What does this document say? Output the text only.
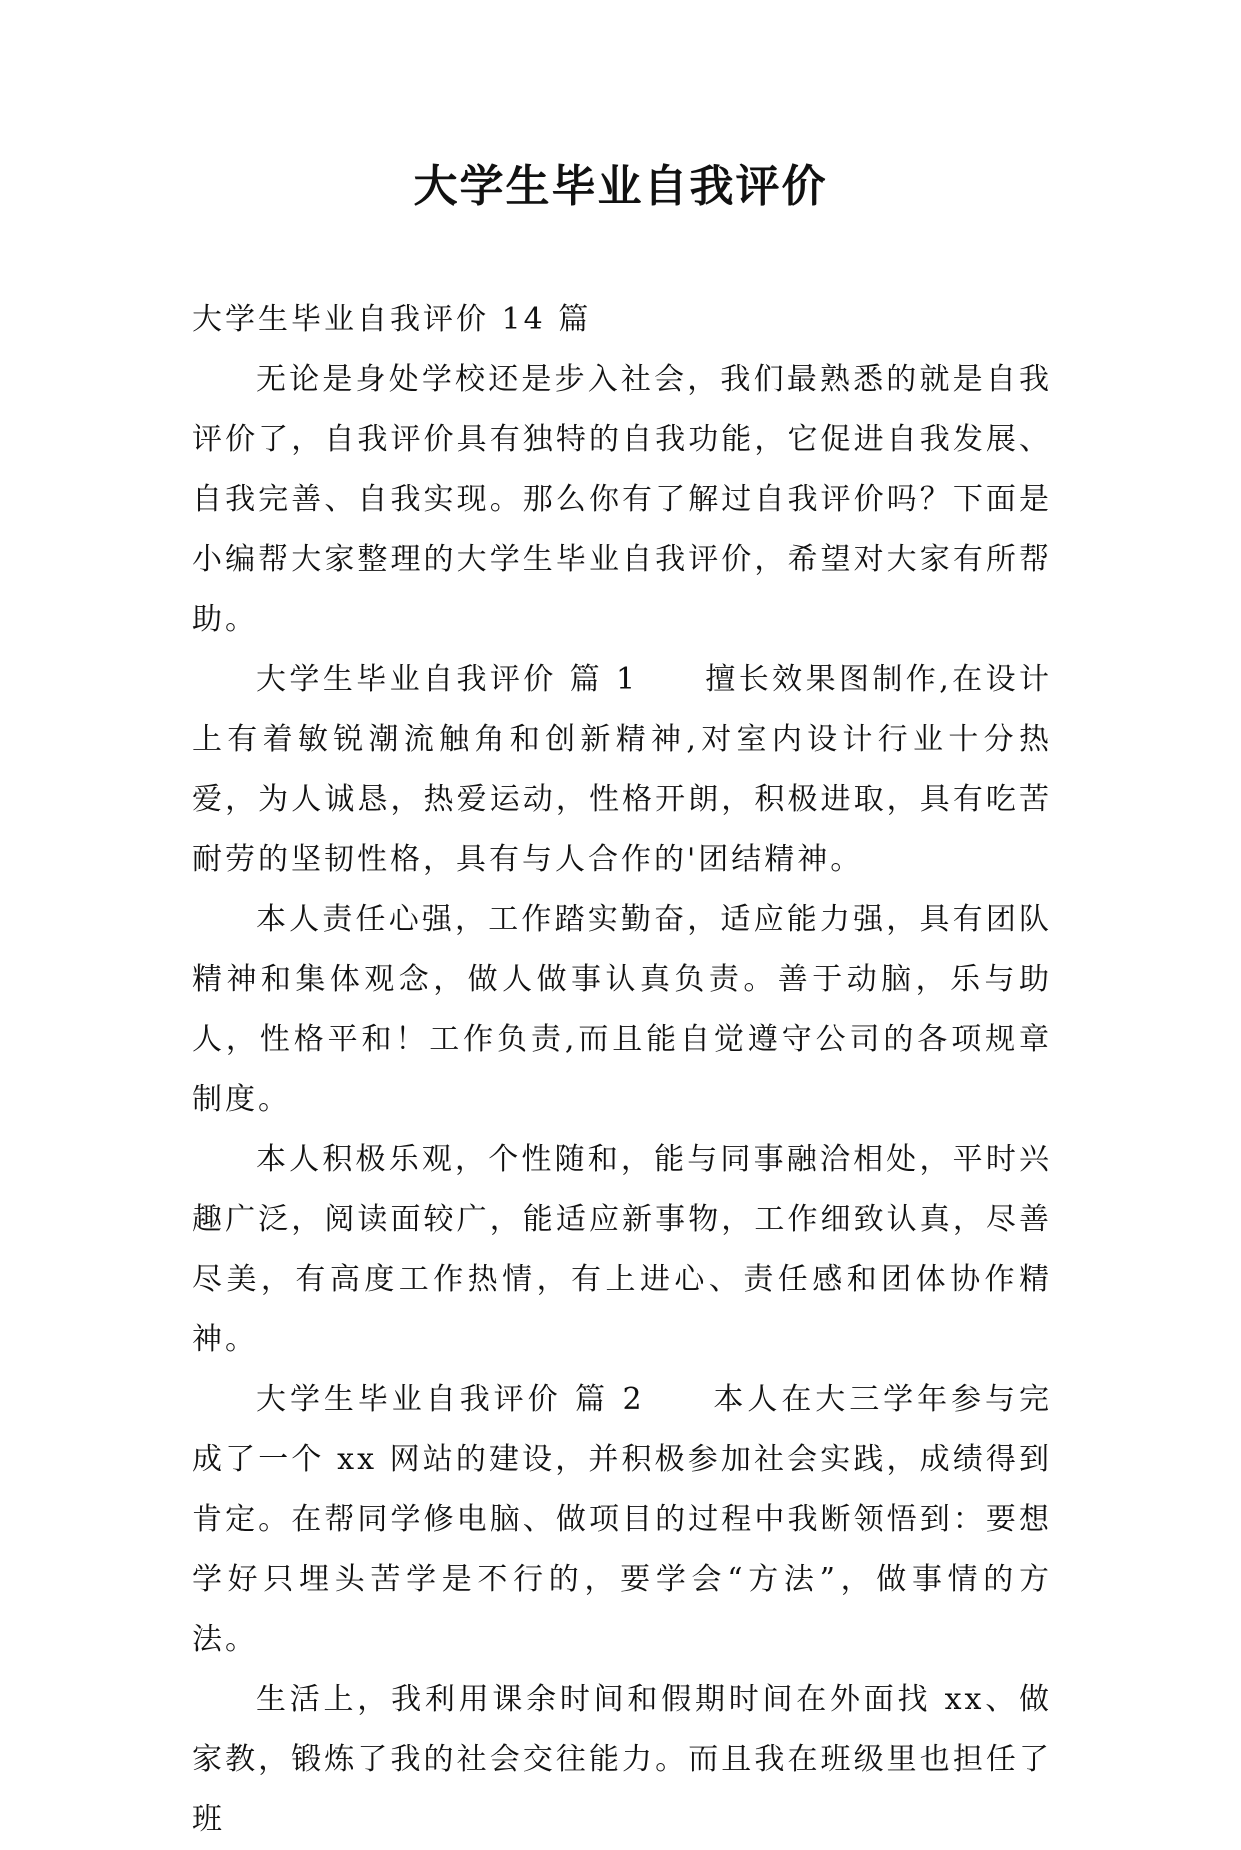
大学生毕业自我评价

大学生毕业自我评价 14 篇

无论是身处学校还是步入社会，我们最熟悉的就是自我评价了，自我评价具有独特的自我功能，它促进自我发展、自我完善、自我实现。那么你有了解过自我评价吗？下面是小编帮大家整理的大学生毕业自我评价，希望对大家有所帮助。

大学生毕业自我评价 篇 1　　擅长效果图制作,在设计上有着敏锐潮流触角和创新精神,对室内设计行业十分热爱，为人诚恳，热爱运动，性格开朗，积极进取，具有吃苦耐劳的坚韧性格，具有与人合作的'团结精神。

本人责任心强，工作踏实勤奋，适应能力强，具有团队精神和集体观念，做人做事认真负责。善于动脑，乐与助人，性格平和！工作负责,而且能自觉遵守公司的各项规章制度。

本人积极乐观，个性随和，能与同事融洽相处，平时兴趣广泛，阅读面较广，能适应新事物，工作细致认真，尽善尽美，有高度工作热情，有上进心、责任感和团体协作精神。

大学生毕业自我评价 篇 2　　本人在大三学年参与完成了一个 xx 网站的建设，并积极参加社会实践，成绩得到肯定。在帮同学修电脑、做项目的过程中我断领悟到：要想学好只埋头苦学是不行的，要学会“方法”，做事情的方法。

生活上，我利用课余时间和假期时间在外面找 xx、做家教，锻炼了我的社会交往能力。而且我在班级里也担任了班
